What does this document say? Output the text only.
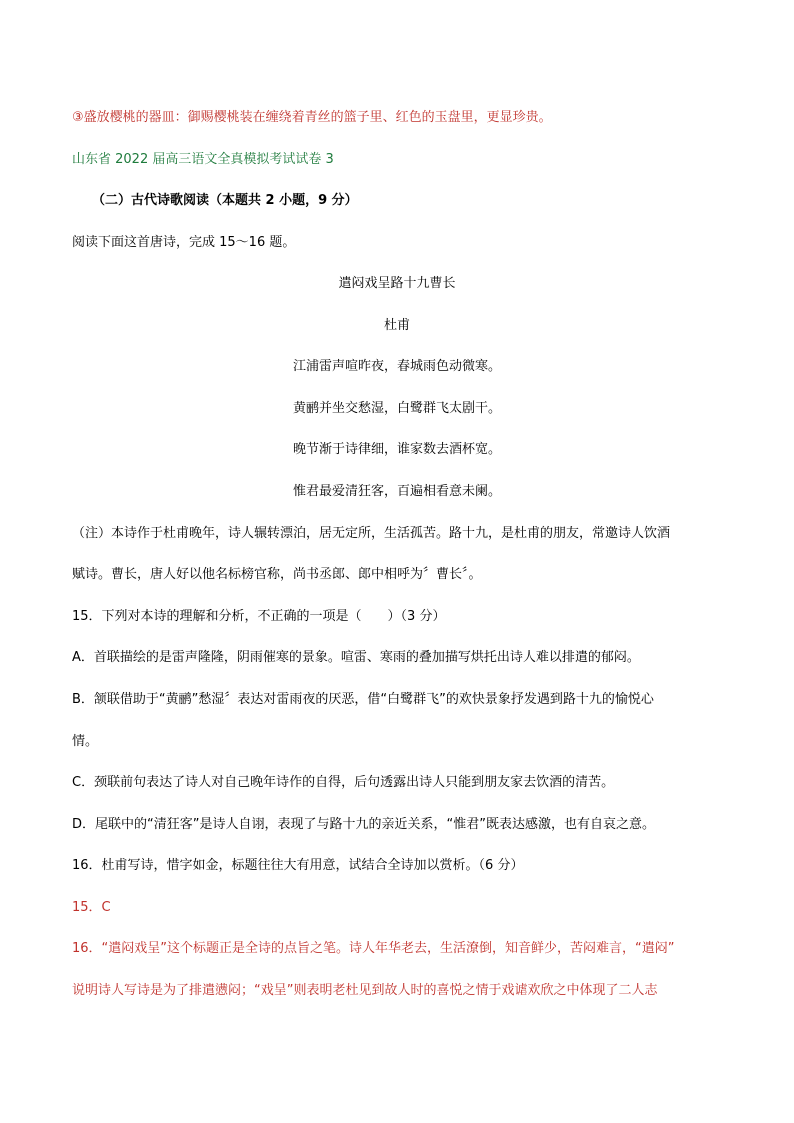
③盛放樱桃的器皿：御赐樱桃装在缠绕着青丝的篮子里、红色的玉盘里，更显珍贵。
山东省 2022 届高三语文全真模拟考试试卷 3
（二）古代诗歌阅读（本题共 2 小题，9 分）
阅读下面这首唐诗，完成 15～16 题。
遣闷戏呈路十九曹长
杜甫
江浦雷声喧昨夜，春城雨色动微寒。
黄鹂并坐交愁湿，白鹭群飞太剧干。
晚节渐于诗律细，谁家数去酒杯宽。
惟君最爱清狂客，百遍相看意未阑。
（注）本诗作于杜甫晚年，诗人辗转漂泊，居无定所，生活孤苦。路十九，是杜甫的朋友，常邀诗人饮酒
赋诗。曹长，唐人好以他名标榜官称，尚书丞郎、郎中相呼为〞曹长〞。
15．下列对本诗的理解和分析，不正确的一项是（　　）（3 分）
A．首联描绘的是雷声隆隆，阴雨催寒的景象。喧雷、寒雨的叠加描写烘托出诗人难以排遣的郁闷。
B．颔联借助于“黄鹂”愁湿〞表达对雷雨夜的厌恶，借“白鹭群飞”的欢快景象抒发遇到路十九的愉悦心
情。
C．颈联前句表达了诗人对自己晚年诗作的自得，后句透露出诗人只能到朋友家去饮酒的清苦。
D．尾联中的“清狂客”是诗人自诩，表现了与路十九的亲近关系，“惟君”既表达感激，也有自哀之意。
16．杜甫写诗，惜字如金，标题往往大有用意，试结合全诗加以赏析。（6 分）
15．C
16．“遣闷戏呈”这个标题正是全诗的点旨之笔。诗人年华老去，生活潦倒，知音鲜少，苦闷难言，“遣闷”
说明诗人写诗是为了排遣懑闷；“戏呈”则表明老杜见到故人时的喜悦之情于戏谑欢欣之中体现了二人志
